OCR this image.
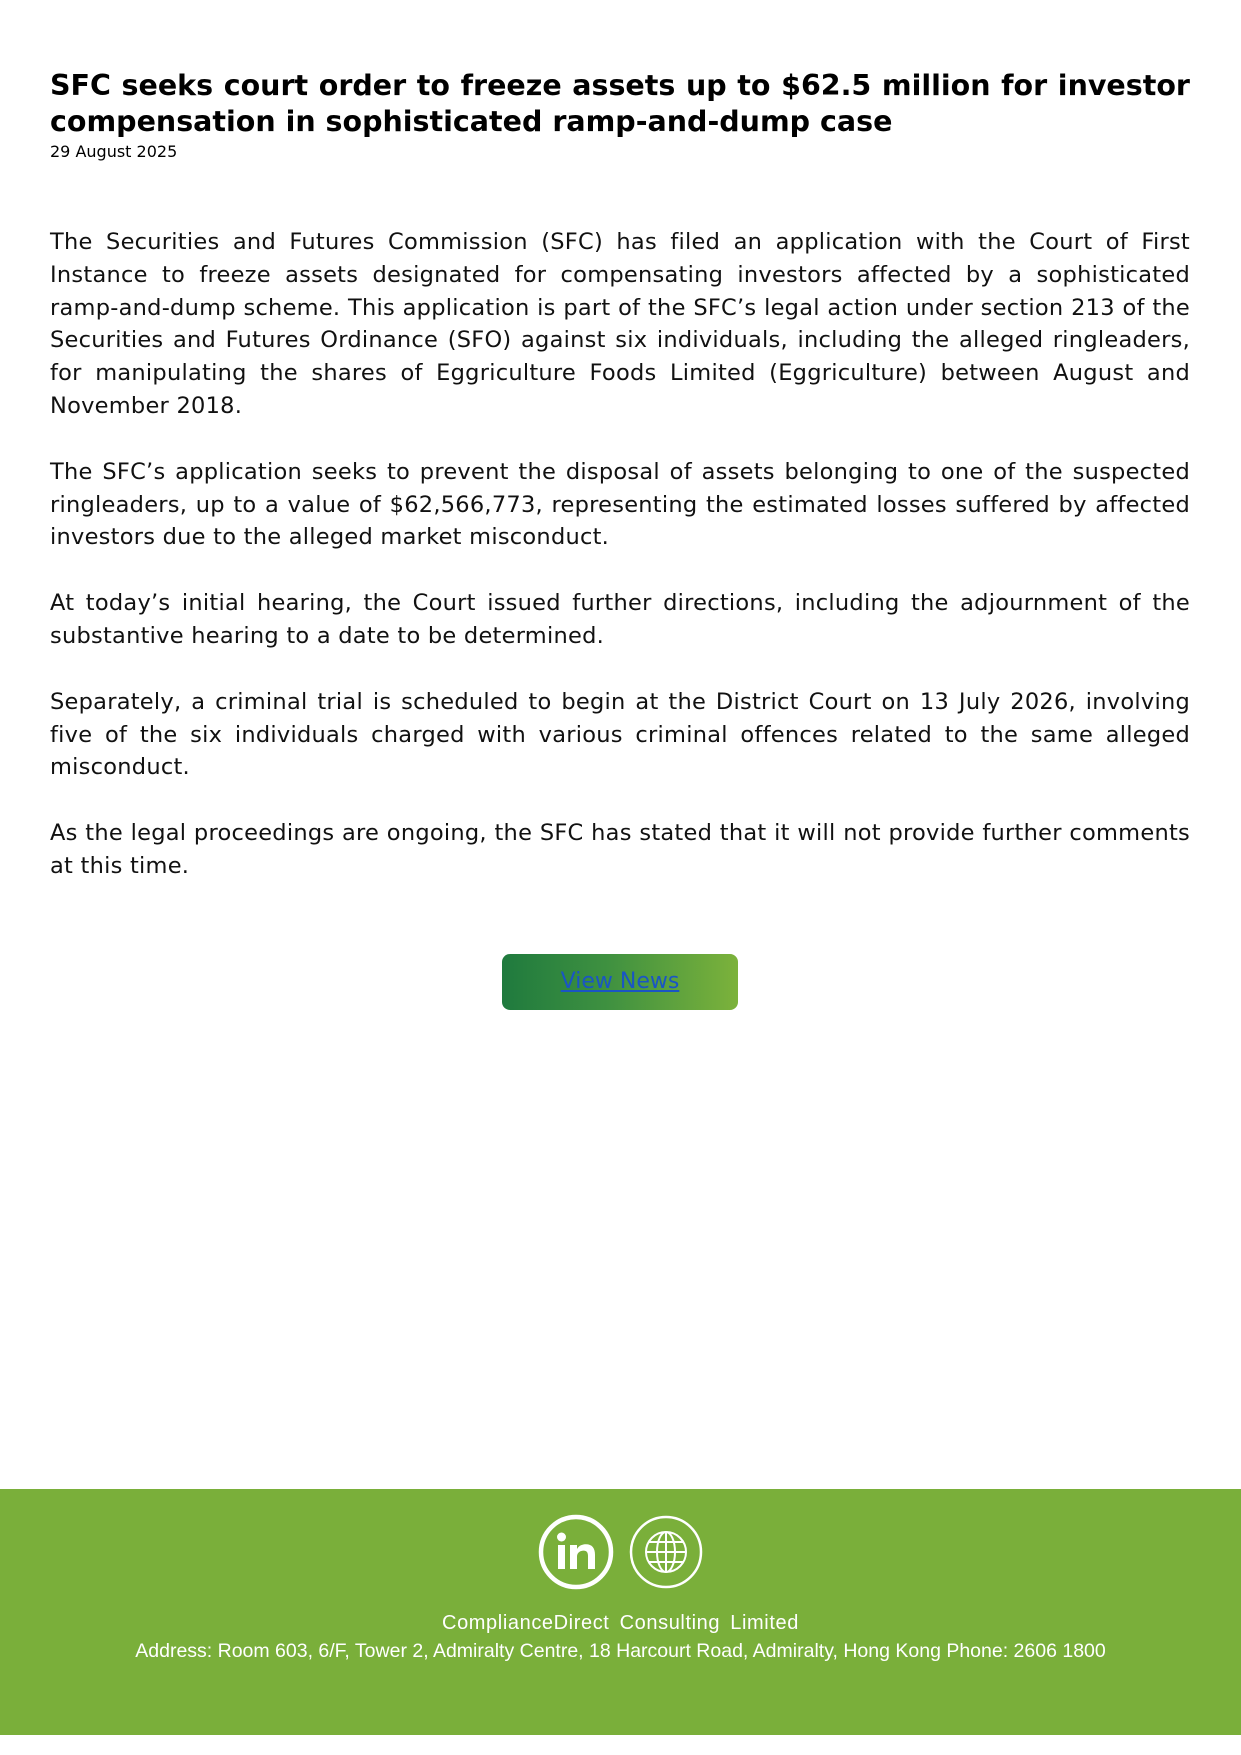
SFC seeks court order to freeze assets up to $62.5 million for investor compensation in sophisticated ramp-and-dump case
29 August 2025

The Securities and Futures Commission (SFC) has filed an application with the Court of First Instance to freeze assets designated for compensating investors affected by a sophisticated ramp-and-dump scheme. This application is part of the SFC’s legal action under section 213 of the Securities and Futures Ordinance (SFO) against six individuals, including the alleged ringleaders, for manipulating the shares of Eggriculture Foods Limited (Eggriculture) between August and November 2018.

The SFC’s application seeks to prevent the disposal of assets belonging to one of the suspected ringleaders, up to a value of $62,566,773, representing the estimated losses suffered by affected investors due to the alleged market misconduct.

At today’s initial hearing, the Court issued further directions, including the adjournment of the substantive hearing to a date to be determined.

Separately, a criminal trial is scheduled to begin at the District Court on 13 July 2026, involving five of the six individuals charged with various criminal offences related to the same alleged misconduct.

As the legal proceedings are ongoing, the SFC has stated that it will not provide further comments at this time.

View News
ComplianceDirect Consulting Limited
Address: Room 603, 6/F, Tower 2, Admiralty Centre, 18 Harcourt Road, Admiralty, Hong Kong Phone: 2606 1800
